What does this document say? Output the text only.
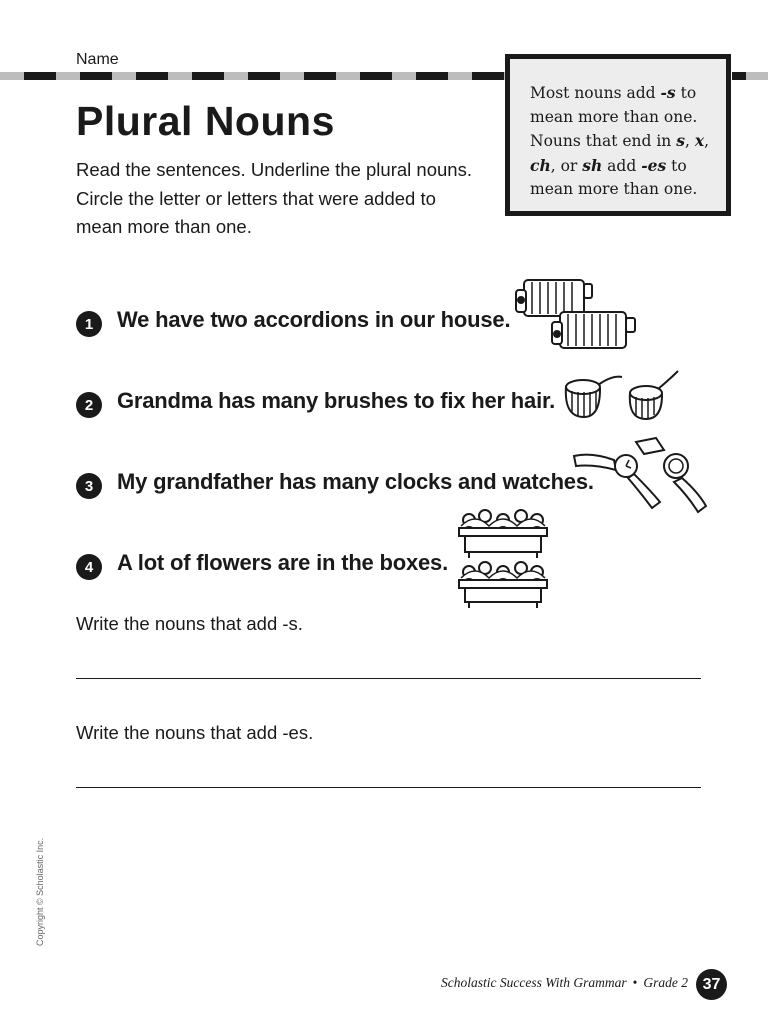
Name
Plural Nouns

Read the sentences. Underline the plural nouns. Circle the letter or letters that were added to mean more than one.

Most nouns add -s to mean more than one. Nouns that end in s, x, ch, or sh add -es to mean more than one.
1	We have two accordions in our house.
2	Grandma has many brushes to fix her hair.
3	My grandfather has many clocks and watches.
4	A lot of flowers are in the boxes.
Write the nouns that add -s.
Write the nouns that add -es.
Copyright © Scholastic Inc.
Scholastic Success With Grammar • Grade 2 37
